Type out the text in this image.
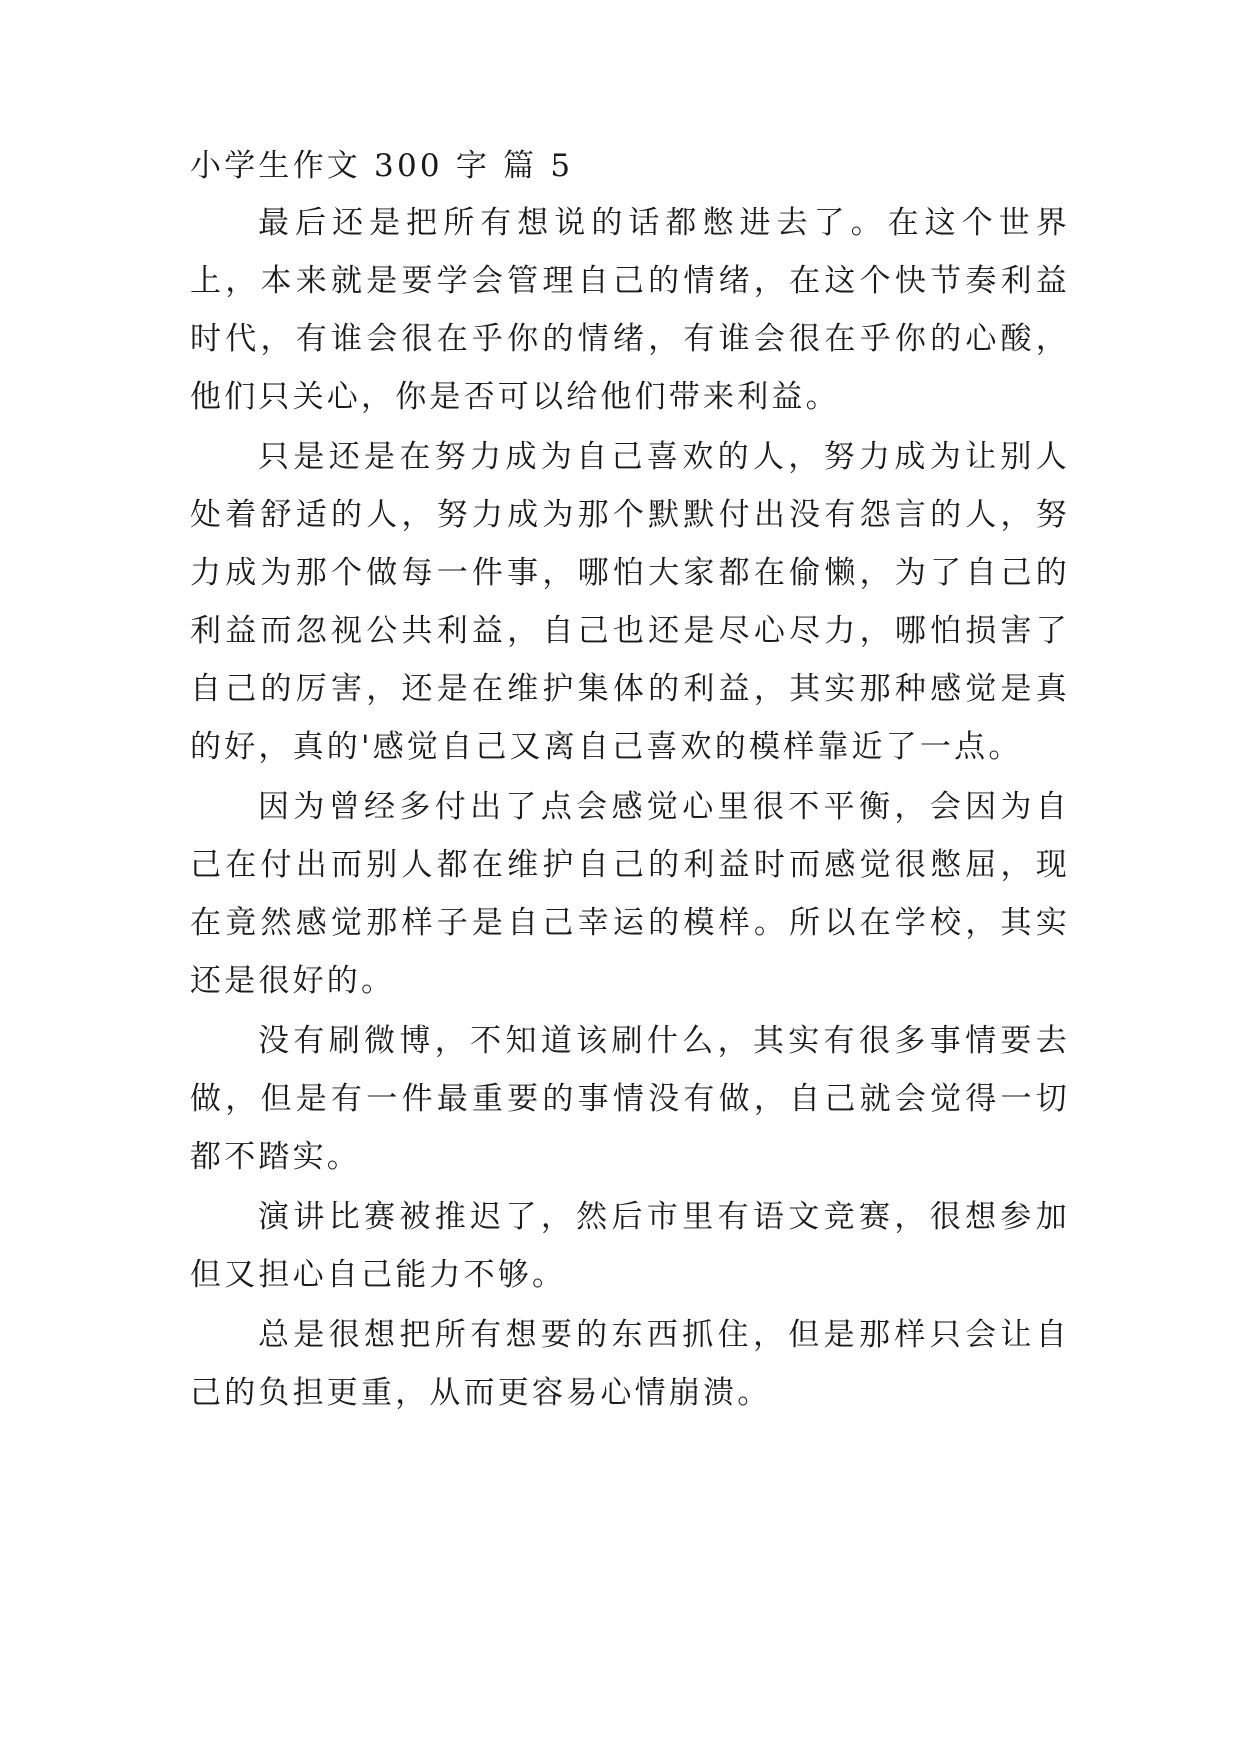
小学生作文 300 字 篇 5

最后还是把所有想说的话都憋进去了。在这个世界上，本来就是要学会管理自己的情绪，在这个快节奏利益时代，有谁会很在乎你的情绪，有谁会很在乎你的心酸，他们只关心，你是否可以给他们带来利益。

只是还是在努力成为自己喜欢的人，努力成为让别人处着舒适的人，努力成为那个默默付出没有怨言的人，努力成为那个做每一件事，哪怕大家都在偷懒，为了自己的利益而忽视公共利益，自己也还是尽心尽力，哪怕损害了自己的厉害，还是在维护集体的利益，其实那种感觉是真的好，真的'感觉自己又离自己喜欢的模样靠近了一点。

因为曾经多付出了点会感觉心里很不平衡，会因为自己在付出而别人都在维护自己的利益时而感觉很憋屈，现在竟然感觉那样子是自己幸运的模样。所以在学校，其实还是很好的。

没有刷微博，不知道该刷什么，其实有很多事情要去做，但是有一件最重要的事情没有做，自己就会觉得一切都不踏实。

演讲比赛被推迟了，然后市里有语文竞赛，很想参加但又担心自己能力不够。

总是很想把所有想要的东西抓住，但是那样只会让自己的负担更重，从而更容易心情崩溃。
